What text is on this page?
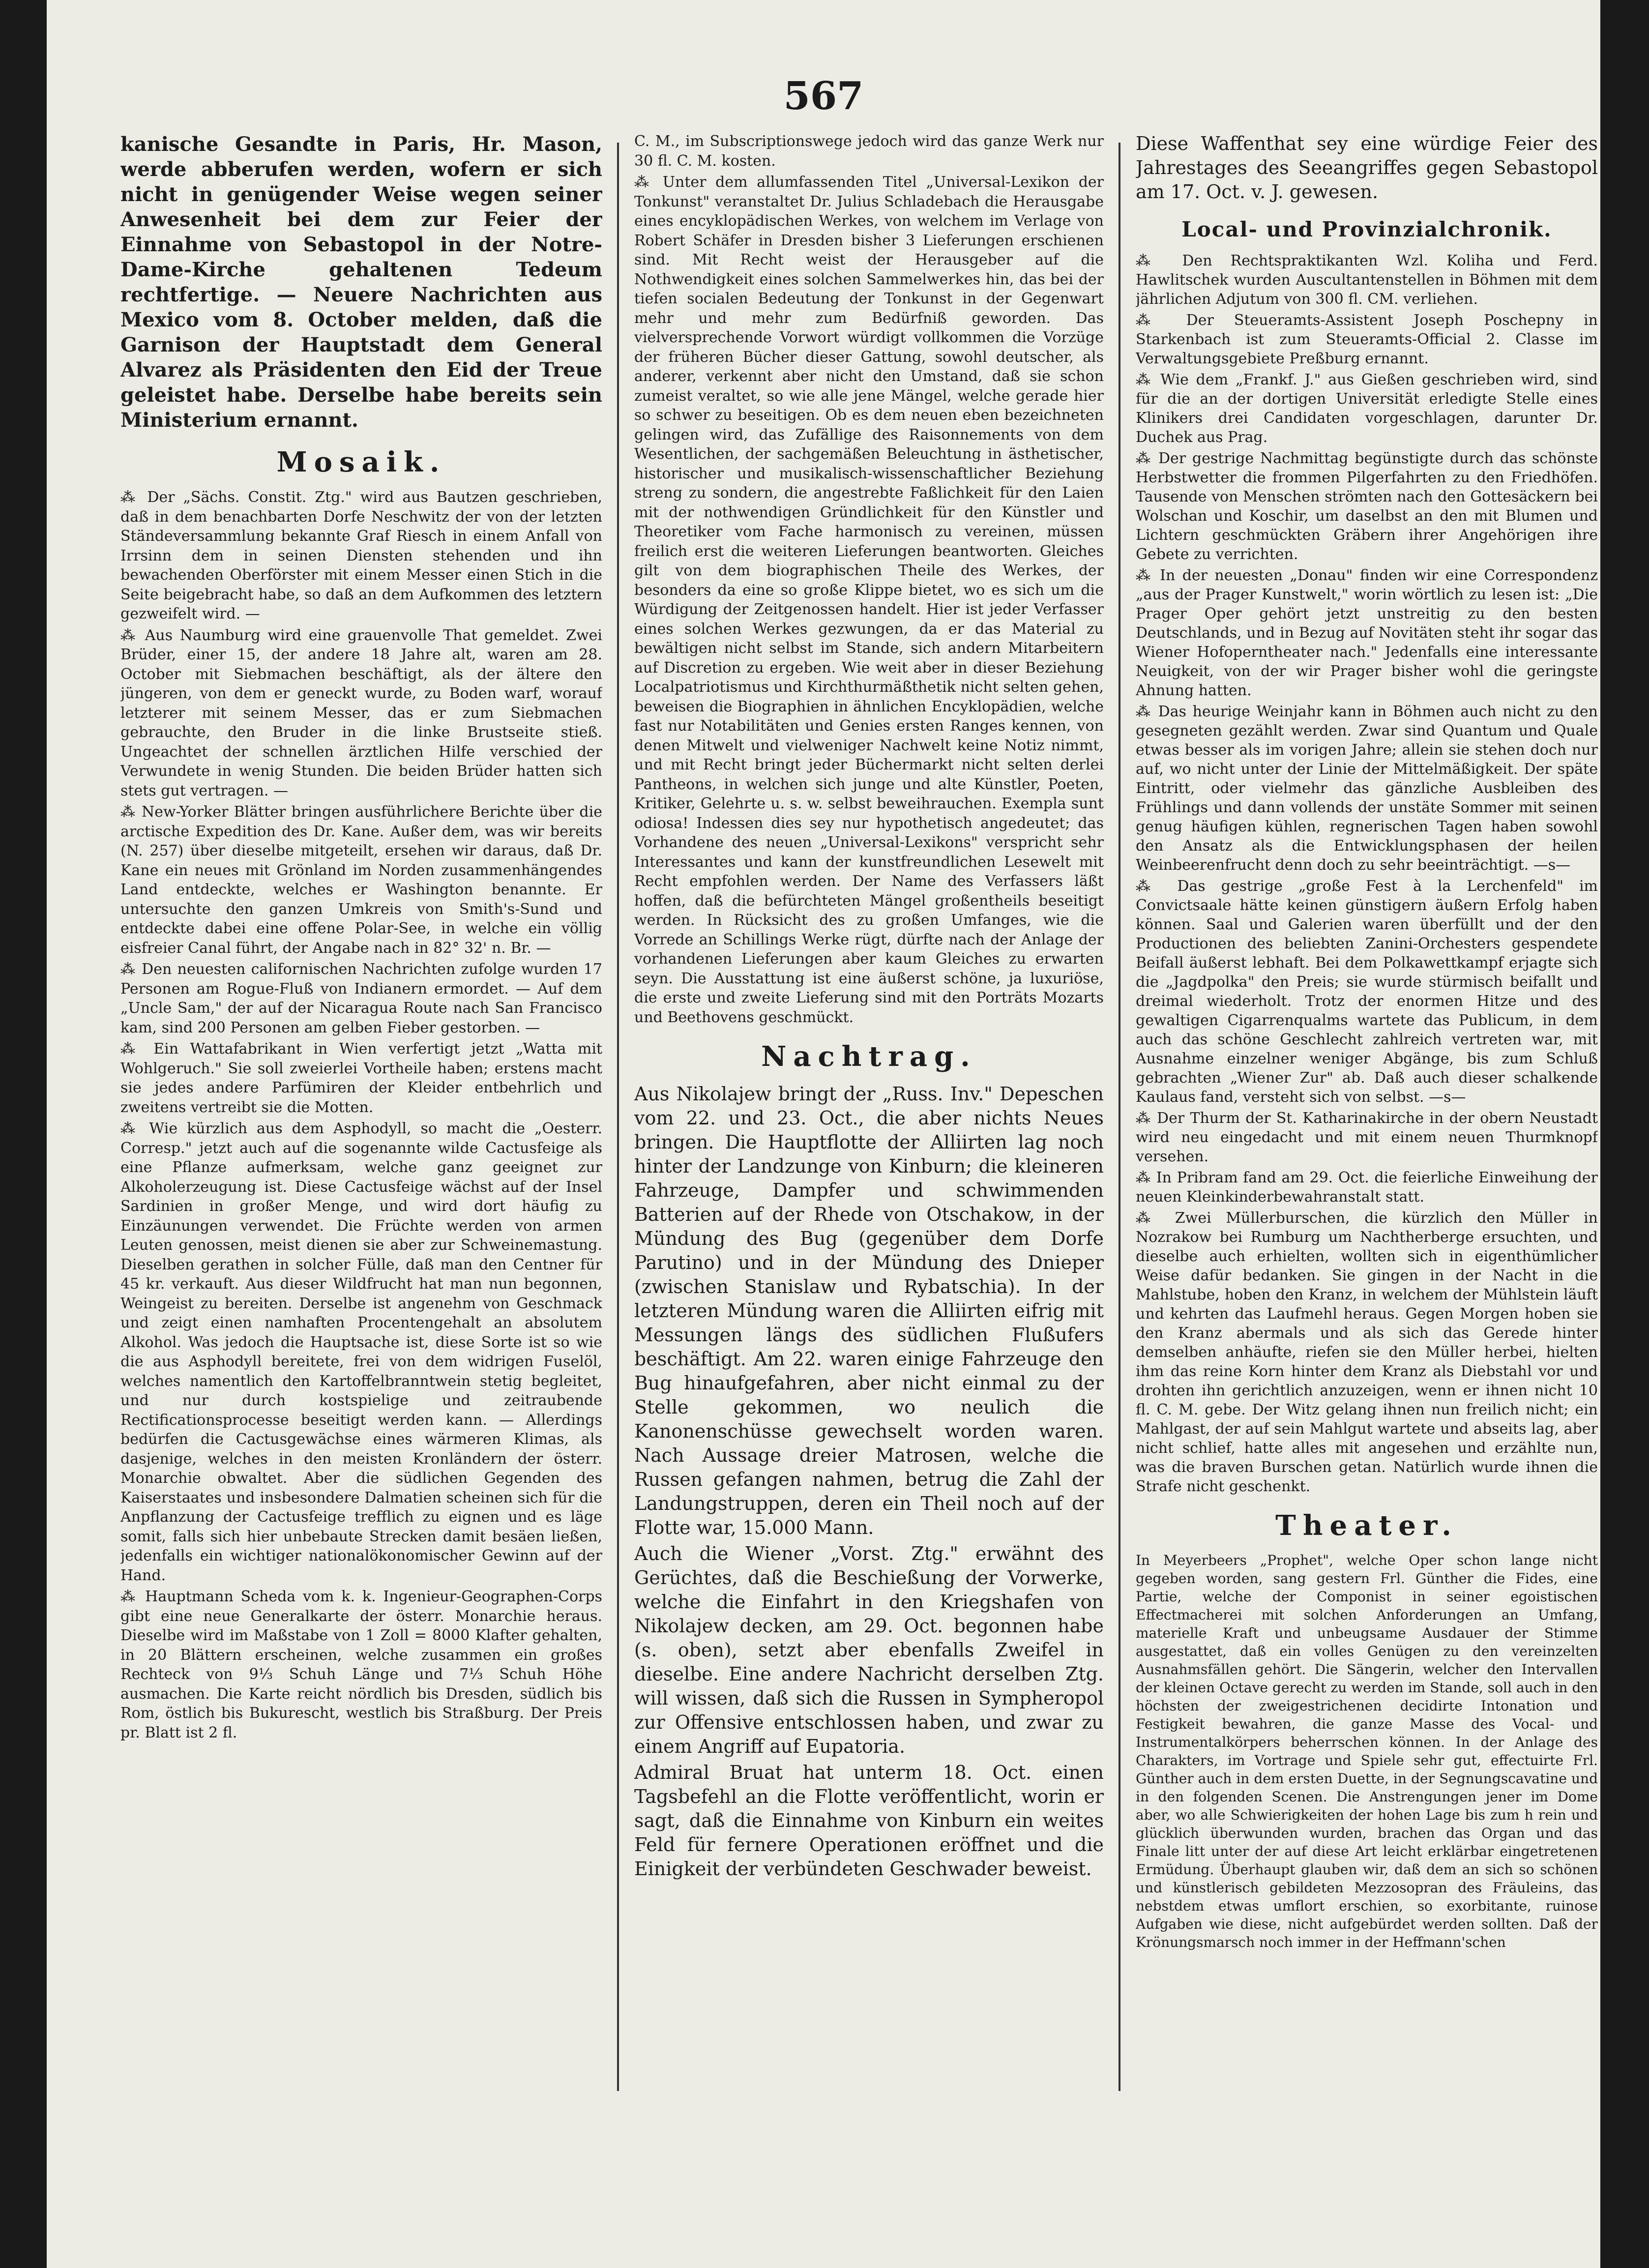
567

kanische Gesandte in Paris, Hr. Mason, werde abberufen werden, wofern er sich nicht in genügender Weise wegen seiner Anwesenheit bei dem zur Feier der Einnahme von Sebastopol in der Notre-Dame-Kirche gehaltenen Tedeum rechtfertige. — Neuere Nachrichten aus Mexico vom 8. October melden, daß die Garnison der Hauptstadt dem General Alvarez als Präsidenten den Eid der Treue geleistet habe. Derselbe habe bereits sein Ministerium ernannt.

Mosaik.

⁂ Der „Sächs. Constit. Ztg." wird aus Bautzen geschrieben, daß in dem benachbarten Dorfe Neschwitz der von der letzten Ständeversammlung bekannte Graf Riesch in einem Anfall von Irrsinn dem in seinen Diensten stehenden und ihn bewachenden Oberförster mit einem Messer einen Stich in die Seite beigebracht habe, so daß an dem Aufkommen des letztern gezweifelt wird. —

⁂ Aus Naumburg wird eine grauenvolle That gemeldet. Zwei Brüder, einer 15, der andere 18 Jahre alt, waren am 28. October mit Siebmachen beschäftigt, als der ältere den jüngeren, von dem er geneckt wurde, zu Boden warf, worauf letzterer mit seinem Messer, das er zum Siebmachen gebrauchte, den Bruder in die linke Brustseite stieß. Ungeachtet der schnellen ärztlichen Hilfe verschied der Verwundete in wenig Stunden. Die beiden Brüder hatten sich stets gut vertragen. —

⁂ New-Yorker Blätter bringen ausführlichere Berichte über die arctische Expedition des Dr. Kane. Außer dem, was wir bereits (N. 257) über dieselbe mitgeteilt, ersehen wir daraus, daß Dr. Kane ein neues mit Grönland im Norden zusammenhängendes Land entdeckte, welches er Washington benannte. Er untersuchte den ganzen Umkreis von Smith's-Sund und entdeckte dabei eine offene Polar-See, in welche ein völlig eisfreier Canal führt, der Angabe nach in 82° 32' n. Br. —

⁂ Den neuesten californischen Nachrichten zufolge wurden 17 Personen am Rogue-Fluß von Indianern ermordet. — Auf dem „Uncle Sam," der auf der Nicaragua Route nach San Francisco kam, sind 200 Personen am gelben Fieber gestorben. —

⁂ Ein Wattafabrikant in Wien verfertigt jetzt „Watta mit Wohlgeruch." Sie soll zweierlei Vortheile haben; erstens macht sie jedes andere Parfümiren der Kleider entbehrlich und zweitens vertreibt sie die Motten.

⁂ Wie kürzlich aus dem Asphodyll, so macht die „Oesterr. Corresp." jetzt auch auf die sogenannte wilde Cactusfeige als eine Pflanze aufmerksam, welche ganz geeignet zur Alkoholerzeugung ist. Diese Cactusfeige wächst auf der Insel Sardinien in großer Menge, und wird dort häufig zu Einzäunungen verwendet. Die Früchte werden von armen Leuten genossen, meist dienen sie aber zur Schweinemastung. Dieselben gerathen in solcher Fülle, daß man den Centner für 45 kr. verkauft. Aus dieser Wildfrucht hat man nun begonnen, Weingeist zu bereiten. Derselbe ist angenehm von Geschmack und zeigt einen namhaften Procentengehalt an absolutem Alkohol. Was jedoch die Hauptsache ist, diese Sorte ist so wie die aus Asphodyll bereitete, frei von dem widrigen Fuselöl, welches namentlich den Kartoffelbranntwein stetig begleitet, und nur durch kostspielige und zeitraubende Rectificationsprocesse beseitigt werden kann. — Allerdings bedürfen die Cactusgewächse eines wärmeren Klimas, als dasjenige, welches in den meisten Kronländern der österr. Monarchie obwaltet. Aber die südlichen Gegenden des Kaiserstaates und insbesondere Dalmatien scheinen sich für die Anpflanzung der Cactusfeige trefflich zu eignen und es läge somit, falls sich hier unbebaute Strecken damit besäen ließen, jedenfalls ein wichtiger nationalökonomischer Gewinn auf der Hand.

⁂ Hauptmann Scheda vom k. k. Ingenieur-Geographen-Corps gibt eine neue Generalkarte der österr. Monarchie heraus. Dieselbe wird im Maßstabe von 1 Zoll = 8000 Klafter gehalten, in 20 Blättern erscheinen, welche zusammen ein großes Rechteck von 9⅓ Schuh Länge und 7⅓ Schuh Höhe ausmachen. Die Karte reicht nördlich bis Dresden, südlich bis Rom, östlich bis Bukurescht, westlich bis Straßburg. Der Preis pr. Blatt ist 2 fl.

C. M., im Subscriptionswege jedoch wird das ganze Werk nur 30 fl. C. M. kosten.

⁂ Unter dem allumfassenden Titel „Universal-Lexikon der Tonkunst" veranstaltet Dr. Julius Schladebach die Herausgabe eines encyklopädischen Werkes, von welchem im Verlage von Robert Schäfer in Dresden bisher 3 Lieferungen erschienen sind. Mit Recht weist der Herausgeber auf die Nothwendigkeit eines solchen Sammelwerkes hin, das bei der tiefen socialen Bedeutung der Tonkunst in der Gegenwart mehr und mehr zum Bedürfniß geworden. Das vielversprechende Vorwort würdigt vollkommen die Vorzüge der früheren Bücher dieser Gattung, sowohl deutscher, als anderer, verkennt aber nicht den Umstand, daß sie schon zumeist veraltet, so wie alle jene Mängel, welche gerade hier so schwer zu beseitigen. Ob es dem neuen eben bezeichneten gelingen wird, das Zufällige des Raisonnements von dem Wesentlichen, der sachgemäßen Beleuchtung in ästhetischer, historischer und musikalisch-wissenschaftlicher Beziehung streng zu sondern, die angestrebte Faßlichkeit für den Laien mit der nothwendigen Gründlichkeit für den Künstler und Theoretiker vom Fache harmonisch zu vereinen, müssen freilich erst die weiteren Lieferungen beantworten. Gleiches gilt von dem biographischen Theile des Werkes, der besonders da eine so große Klippe bietet, wo es sich um die Würdigung der Zeitgenossen handelt. Hier ist jeder Verfasser eines solchen Werkes gezwungen, da er das Material zu bewältigen nicht selbst im Stande, sich andern Mitarbeitern auf Discretion zu ergeben. Wie weit aber in dieser Beziehung Localpatriotismus und Kirchthurmäßthetik nicht selten gehen, beweisen die Biographien in ähnlichen Encyklopädien, welche fast nur Notabilitäten und Genies ersten Ranges kennen, von denen Mitwelt und vielweniger Nachwelt keine Notiz nimmt, und mit Recht bringt jeder Büchermarkt nicht selten derlei Pantheons, in welchen sich junge und alte Künstler, Poeten, Kritiker, Gelehrte u. s. w. selbst beweihrauchen. Exempla sunt odiosa! Indessen dies sey nur hypothetisch angedeutet; das Vorhandene des neuen „Universal-Lexikons" verspricht sehr Interessantes und kann der kunstfreundlichen Lesewelt mit Recht empfohlen werden. Der Name des Verfassers läßt hoffen, daß die befürchteten Mängel großentheils beseitigt werden. In Rücksicht des zu großen Umfanges, wie die Vorrede an Schillings Werke rügt, dürfte nach der Anlage der vorhandenen Lieferungen aber kaum Gleiches zu erwarten seyn. Die Ausstattung ist eine äußerst schöne, ja luxuriöse, die erste und zweite Lieferung sind mit den Porträts Mozarts und Beethovens geschmückt.

Nachtrag.

Aus Nikolajew bringt der „Russ. Inv." Depeschen vom 22. und 23. Oct., die aber nichts Neues bringen. Die Hauptflotte der Alliirten lag noch hinter der Landzunge von Kinburn; die kleineren Fahrzeuge, Dampfer und schwimmenden Batterien auf der Rhede von Otschakow, in der Mündung des Bug (gegenüber dem Dorfe Parutino) und in der Mündung des Dnieper (zwischen Stanislaw und Rybatschia). In der letzteren Mündung waren die Alliirten eifrig mit Messungen längs des südlichen Flußufers beschäftigt. Am 22. waren einige Fahrzeuge den Bug hinaufgefahren, aber nicht einmal zu der Stelle gekommen, wo neulich die Kanonenschüsse gewechselt worden waren. Nach Aussage dreier Matrosen, welche die Russen gefangen nahmen, betrug die Zahl der Landungstruppen, deren ein Theil noch auf der Flotte war, 15.000 Mann.

Auch die Wiener „Vorst. Ztg." erwähnt des Gerüchtes, daß die Beschießung der Vorwerke, welche die Einfahrt in den Kriegshafen von Nikolajew decken, am 29. Oct. begonnen habe (s. oben), setzt aber ebenfalls Zweifel in dieselbe. Eine andere Nachricht derselben Ztg. will wissen, daß sich die Russen in Sympheropol zur Offensive entschlossen haben, und zwar zu einem Angriff auf Eupatoria.

Admiral Bruat hat unterm 18. Oct. einen Tagsbefehl an die Flotte veröffentlicht, worin er sagt, daß die Einnahme von Kinburn ein weites Feld für fernere Operationen eröffnet und die Einigkeit der verbündeten Geschwader beweist.

Diese Waffenthat sey eine würdige Feier des Jahrestages des Seeangriffes gegen Sebastopol am 17. Oct. v. J. gewesen.

Local- und Provinzialchronik.

⁂ Den Rechtspraktikanten Wzl. Koliha und Ferd. Hawlitschek wurden Auscultantenstellen in Böhmen mit dem jährlichen Adjutum von 300 fl. CM. verliehen.

⁂ Der Steueramts-Assistent Joseph Poschepny in Starkenbach ist zum Steueramts-Official 2. Classe im Verwaltungsgebiete Preßburg ernannt.

⁂ Wie dem „Frankf. J." aus Gießen geschrieben wird, sind für die an der dortigen Universität erledigte Stelle eines Klinikers drei Candidaten vorgeschlagen, darunter Dr. Duchek aus Prag.

⁂ Der gestrige Nachmittag begünstigte durch das schönste Herbstwetter die frommen Pilgerfahrten zu den Friedhöfen. Tausende von Menschen strömten nach den Gottesäckern bei Wolschan und Koschir, um daselbst an den mit Blumen und Lichtern geschmückten Gräbern ihrer Angehörigen ihre Gebete zu verrichten.

⁂ In der neuesten „Donau" finden wir eine Correspondenz „aus der Prager Kunstwelt," worin wörtlich zu lesen ist: „Die Prager Oper gehört jetzt unstreitig zu den besten Deutschlands, und in Bezug auf Novitäten steht ihr sogar das Wiener Hofoperntheater nach." Jedenfalls eine interessante Neuigkeit, von der wir Prager bisher wohl die geringste Ahnung hatten.

⁂ Das heurige Weinjahr kann in Böhmen auch nicht zu den gesegneten gezählt werden. Zwar sind Quantum und Quale etwas besser als im vorigen Jahre; allein sie stehen doch nur auf, wo nicht unter der Linie der Mittelmäßigkeit. Der späte Eintritt, oder vielmehr das gänzliche Ausbleiben des Frühlings und dann vollends der unstäte Sommer mit seinen genug häufigen kühlen, regnerischen Tagen haben sowohl den Ansatz als die Entwicklungsphasen der heilen Weinbeerenfrucht denn doch zu sehr beeinträchtigt. —s—

⁂ Das gestrige „große Fest à la Lerchenfeld" im Convictsaale hätte keinen günstigern äußern Erfolg haben können. Saal und Galerien waren überfüllt und der den Productionen des beliebten Zanini-Orchesters gespendete Beifall äußerst lebhaft. Bei dem Polkawettkampf erjagte sich die „Jagdpolka" den Preis; sie wurde stürmisch beifallt und dreimal wiederholt. Trotz der enormen Hitze und des gewaltigen Cigarrenqualms wartete das Publicum, in dem auch das schöne Geschlecht zahlreich vertreten war, mit Ausnahme einzelner weniger Abgänge, bis zum Schluß gebrachten „Wiener Zur" ab. Daß auch dieser schalkende Kaulaus fand, versteht sich von selbst. —s—

⁂ Der Thurm der St. Katharinakirche in der obern Neustadt wird neu eingedacht und mit einem neuen Thurmknopf versehen.

⁂ In Pribram fand am 29. Oct. die feierliche Einweihung der neuen Kleinkinderbewahranstalt statt.

⁂ Zwei Müllerburschen, die kürzlich den Müller in Nozrakow bei Rumburg um Nachtherberge ersuchten, und dieselbe auch erhielten, wollten sich in eigenthümlicher Weise dafür bedanken. Sie gingen in der Nacht in die Mahlstube, hoben den Kranz, in welchem der Mühlstein läuft und kehrten das Laufmehl heraus. Gegen Morgen hoben sie den Kranz abermals und als sich das Gerede hinter demselben anhäufte, riefen sie den Müller herbei, hielten ihm das reine Korn hinter dem Kranz als Diebstahl vor und drohten ihn gerichtlich anzuzeigen, wenn er ihnen nicht 10 fl. C. M. gebe. Der Witz gelang ihnen nun freilich nicht; ein Mahlgast, der auf sein Mahlgut wartete und abseits lag, aber nicht schlief, hatte alles mit angesehen und erzählte nun, was die braven Burschen getan. Natürlich wurde ihnen die Strafe nicht geschenkt.

Theater.

In Meyerbeers „Prophet", welche Oper schon lange nicht gegeben worden, sang gestern Frl. Günther die Fides, eine Partie, welche der Componist in seiner egoistischen Effectmacherei mit solchen Anforderungen an Umfang, materielle Kraft und unbeugsame Ausdauer der Stimme ausgestattet, daß ein volles Genügen zu den vereinzelten Ausnahmsfällen gehört. Die Sängerin, welcher den Intervallen der kleinen Octave gerecht zu werden im Stande, soll auch in den höchsten der zweigestrichenen decidirte Intonation und Festigkeit bewahren, die ganze Masse des Vocal- und Instrumentalkörpers beherrschen können. In der Anlage des Charakters, im Vortrage und Spiele sehr gut, effectuirte Frl. Günther auch in dem ersten Duette, in der Segnungscavatine und in den folgenden Scenen. Die Anstrengungen jener im Dome aber, wo alle Schwierigkeiten der hohen Lage bis zum h rein und glücklich überwunden wurden, brachen das Organ und das Finale litt unter der auf diese Art leicht erklärbar eingetretenen Ermüdung. Überhaupt glauben wir, daß dem an sich so schönen und künstlerisch gebildeten Mezzosopran des Fräuleins, das nebstdem etwas umflort erschien, so exorbitante, ruinose Aufgaben wie diese, nicht aufgebürdet werden sollten. Daß der Krönungsmarsch noch immer in der Heffmann'schen
